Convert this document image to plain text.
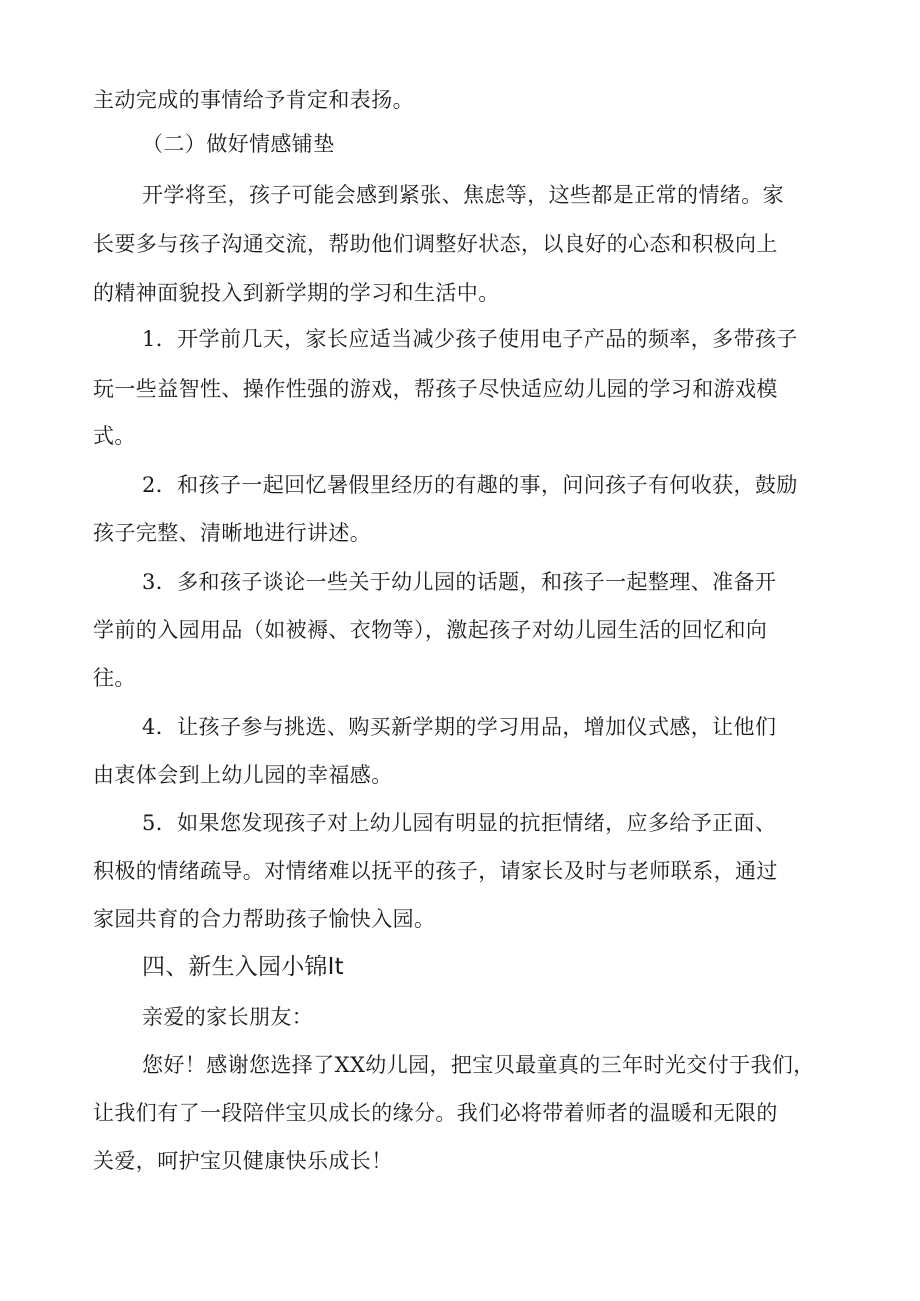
主动完成的事情给予肯定和表扬。
（二）做好情感铺垫
开学将至，孩子可能会感到紧张、焦虑等，这些都是正常的情绪。家
长要多与孩子沟通交流，帮助他们调整好状态，以良好的心态和积极向上
的精神面貌投入到新学期的学习和生活中。
1．开学前几天，家长应适当减少孩子使用电子产品的频率，多带孩子
玩一些益智性、操作性强的游戏，帮孩子尽快适应幼儿园的学习和游戏模
式。
2．和孩子一起回忆暑假里经历的有趣的事，问问孩子有何收获，鼓励
孩子完整、清晰地进行讲述。
3．多和孩子谈论一些关于幼儿园的话题，和孩子一起整理、准备开
学前的入园用品（如被褥、衣物等），激起孩子对幼儿园生活的回忆和向
往。
4．让孩子参与挑选、购买新学期的学习用品，增加仪式感，让他们
由衷体会到上幼儿园的幸福感。
5．如果您发现孩子对上幼儿园有明显的抗拒情绪，应多给予正面、
积极的情绪疏导。对情绪难以抚平的孩子，请家长及时与老师联系，通过
家园共育的合力帮助孩子愉快入园。
四、新生入园小锦It
亲爱的家长朋友：
您好！感谢您选择了XX幼儿园，把宝贝最童真的三年时光交付于我们，
让我们有了一段陪伴宝贝成长的缘分。我们必将带着师者的温暖和无限的
关爱，呵护宝贝健康快乐成长！
